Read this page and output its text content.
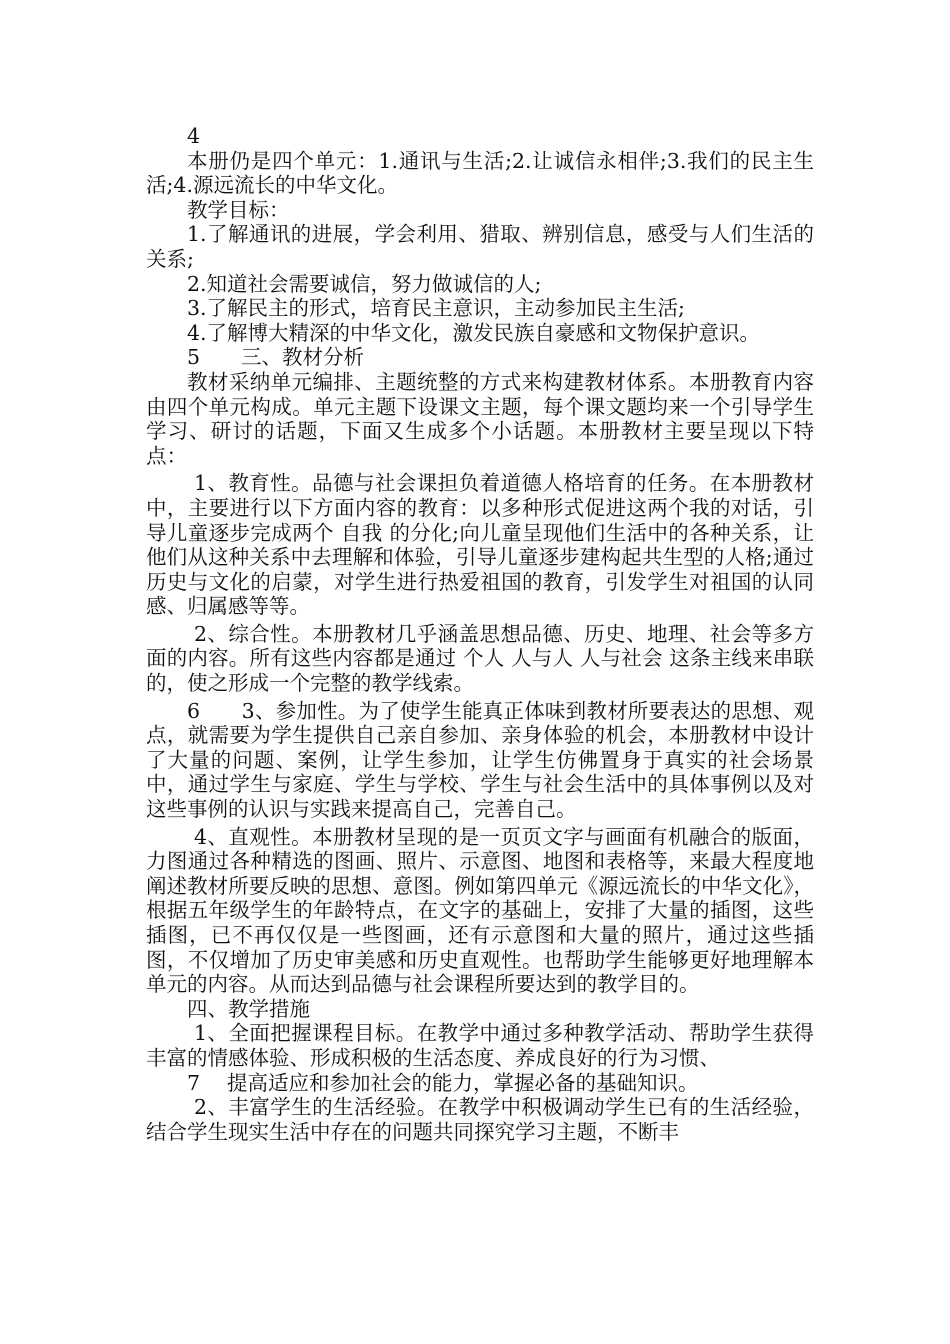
4

本册仍是四个单元：1.通讯与生活;2.让诚信永相伴;3.我们的民主生活;4.源远流长的中华文化。

教学目标：

1.了解通讯的进展，学会利用、猎取、辨别信息，感受与人们生活的关系;

2.知道社会需要诚信，努力做诚信的人;

3.了解民主的形式，培育民主意识，主动参加民主生活;

4.了解博大精深的中华文化，激发民族自豪感和文物保护意识。

5　　三、教材分析

教材采纳单元编排、主题统整的方式来构建教材体系。本册教育内容由四个单元构成。单元主题下设课文主题，每个课文题均来一个引导学生学习、研讨的话题，下面又生成多个小话题。本册教材主要呈现以下特点：

1、教育性。品德与社会课担负着道德人格培育的任务。在本册教材中，主要进行以下方面内容的教育：以多种形式促进这两个我的对话，引导儿童逐步完成两个 自我 的分化;向儿童呈现他们生活中的各种关系，让他们从这种关系中去理解和体验，引导儿童逐步建构起共生型的人格;通过历史与文化的启蒙，对学生进行热爱祖国的教育，引发学生对祖国的认同感、归属感等等。

2、综合性。本册教材几乎涵盖思想品德、历史、地理、社会等多方面的内容。所有这些内容都是通过 个人 人与人 人与社会 这条主线来串联的，使之形成一个完整的教学线索。

6　　3、参加性。为了使学生能真正体味到教材所要表达的思想、观点，就需要为学生提供自己亲自参加、亲身体验的机会，本册教材中设计了大量的问题、案例，让学生参加，让学生仿佛置身于真实的社会场景中，通过学生与家庭、学生与学校、学生与社会生活中的具体事例以及对这些事例的认识与实践来提高自己，完善自己。

4、直观性。本册教材呈现的是一页页文字与画面有机融合的版面，力图通过各种精选的图画、照片、示意图、地图和表格等，来最大程度地阐述教材所要反映的思想、意图。例如第四单元《源远流长的中华文化》，根据五年级学生的年龄特点，在文字的基础上，安排了大量的插图，这些插图，已不再仅仅是一些图画，还有示意图和大量的照片，通过这些插图，不仅增加了历史审美感和历史直观性。也帮助学生能够更好地理解本单元的内容。从而达到品德与社会课程所要达到的教学目的。

四、教学措施

1、全面把握课程目标。在教学中通过多种教学活动、帮助学生获得丰富的情感体验、形成积极的生活态度、养成良好的行为习惯、

7　 提高适应和参加社会的能力，掌握必备的基础知识。

2、丰富学生的生活经验。在教学中积极调动学生已有的生活经验，结合学生现实生活中存在的问题共同探究学习主题，不断丰
